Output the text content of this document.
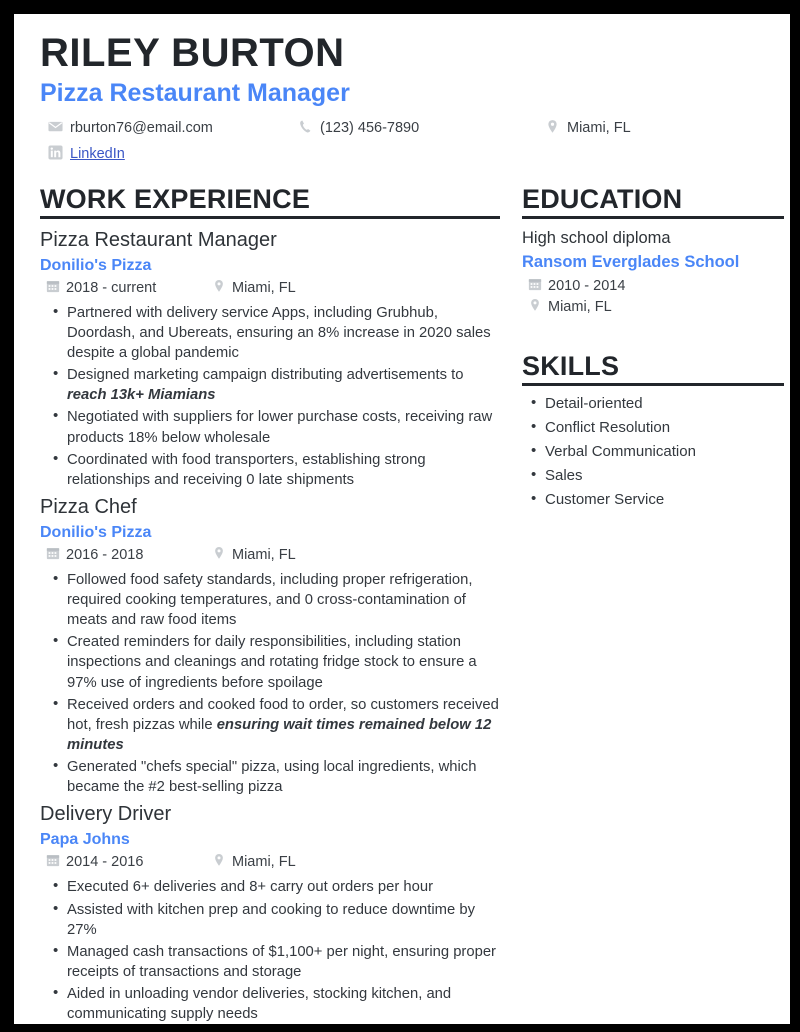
RILEY BURTON
Pizza Restaurant Manager
rburton76@email.com	(123) 456-7890	Miami, FL
LinkedIn
WORK EXPERIENCE
Pizza Restaurant Manager
Donilio's Pizza
2018 - current	Miami, FL
• Partnered with delivery service Apps, including Grubhub, Doordash, and Ubereats, ensuring an 8% increase in 2020 sales despite a global pandemic
• Designed marketing campaign distributing advertisements to reach 13k+ Miamians
• Negotiated with suppliers for lower purchase costs, receiving raw products 18% below wholesale
• Coordinated with food transporters, establishing strong relationships and receiving 0 late shipments
Pizza Chef
Donilio's Pizza
2016 - 2018	Miami, FL
• Followed food safety standards, including proper refrigeration, required cooking temperatures, and 0 cross-contamination of meats and raw food items
• Created reminders for daily responsibilities, including station inspections and cleanings and rotating fridge stock to ensure a 97% use of ingredients before spoilage
• Received orders and cooked food to order, so customers received hot, fresh pizzas while ensuring wait times remained below 12 minutes
• Generated "chefs special" pizza, using local ingredients, which became the #2 best-selling pizza
Delivery Driver
Papa Johns
2014 - 2016	Miami, FL
• Executed 6+ deliveries and 8+ carry out orders per hour
• Assisted with kitchen prep and cooking to reduce downtime by 27%
• Managed cash transactions of $1,100+ per night, ensuring proper receipts of transactions and storage
• Aided in unloading vendor deliveries, stocking kitchen, and communicating supply needs
EDUCATION
High school diploma
Ransom Everglades School
2010 - 2014
Miami, FL
SKILLS
• Detail-oriented
• Conflict Resolution
• Verbal Communication
• Sales
• Customer Service
